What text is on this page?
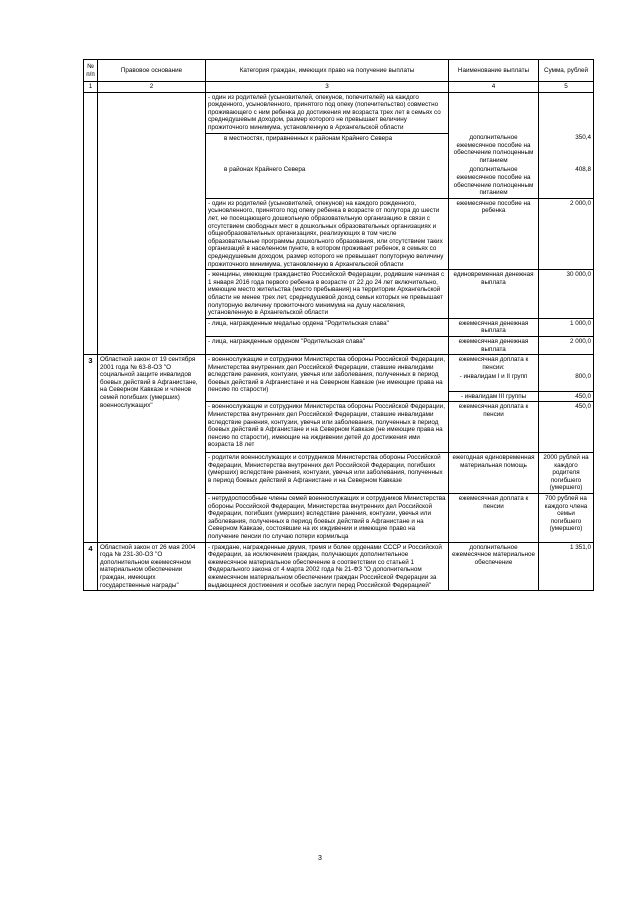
№ п/п	Правовое основание	Категория граждан, имеющих право на получение выплаты	Наименование выплаты	Сумма, рублей
1	2	3	4	5
		- один из родителей (усыновителей, опекунов, попечителей) на каждого рожденного, усыновленного, принятого под опеку (попечительство) совместно проживающего с ним ребенка до достижения им возраста трех лет в семьях со среднедушевым доходом, размер которого не превышает величину прожиточного минимума, установленную в Архангельской области		
		в местностях, приравненных к районам Крайнего Севера	дополнительное ежемесячное пособие на обеспечение полноценным питанием	350,4
		в районах Крайнего Севера	дополнительное ежемесячное пособие на обеспечение полноценным питанием	408,8
		- один из родителей (усыновителей, опекунов) на каждого рожденного, усыновленного, принятого под опеку ребенка в возрасте от полутора до шести лет, не посещающего дошкольную образовательную организацию в связи с отсутствием свободных мест в дошкольных образовательных организациях и общеобразовательных организациях, реализующих в том числе образовательные программы дошкольного образования, или отсутствием таких организаций в населенном пункте, в котором проживает ребенок, в семьях со среднедушевым доходом, размер которого не превышает полуторную величину прожиточного минимума, установленную в Архангельской области	ежемесячное пособие на ребенка	2 000,0
		- женщины, имеющие гражданство Российской Федерации, родившие начиная с 1 января 2016 года первого ребенка в возрасте от 22 до 24 лет включительно, имеющие место жительства (место пребывания) на территории Архангельской области не менее трех лет, среднедушевой доход семьи которых не превышает полуторную величину прожиточного минимума на душу населения, установленную в Архангельской области	единовременная денежная выплата	30 000,0
		- лица, награжденные медалью ордена "Родительская слава"	ежемесячная денежная выплата	1 000,0
		- лица, награжденные орденом "Родительская слава"	ежемесячная денежная выплата	2 000,0
3	Областной закон от 19 сентября 2001 года № 63-8-ОЗ "О социальной защите инвалидов боевых действий в Афганистане, на Северном Кавказе и членов семей погибших (умерших) военнослужащих"	- военнослужащие и сотрудники Министерства обороны Российской Федерации, Министерства внутренних дел Российской Федерации, ставшие инвалидами вследствие ранения, контузии, увечья или заболевания, полученных в период боевых действий в Афганистане и на Северном Кавказе (не имеющие права на пенсию по старости)	ежемесячная доплата к пенсии:	
			- инвалидам I и II групп	800,0
			- инвалидам III группы	450,0
		- военнослужащие и сотрудники Министерства обороны Российской Федерации, Министерства внутренних дел Российской Федерации, ставшие инвалидами вследствие ранения, контузии, увечья или заболевания, полученных в период боевых действий в Афганистане и на Северном Кавказе (не имеющие права на пенсию по старости), имеющие на иждивении детей до достижения ими возраста 18 лет	ежемесячная доплата к пенсии	450,0
		- родители военнослужащих и сотрудников Министерства обороны Российской Федерации, Министерства внутренних дел Российской Федерации, погибших (умерших) вследствие ранения, контузии, увечья или заболевания, полученных в период боевых действий в Афганистане и на Северном Кавказе	ежегодная единовременная материальная помощь	2000 рублей на каждого родителя погибшего (умершего)
		- нетрудоспособные члены семей военнослужащих и сотрудников Министерства обороны Российской Федерации, Министерства внутренних дел Российской Федерации, погибших (умерших) вследствие ранения, контузии, увечья или заболевания, полученных в период боевых действий в Афганистане и на Северном Кавказе, состоявшие на их иждивении и имеющие право на получение пенсии по случаю потери кормильца	ежемесячная доплата к пенсии	700 рублей на каждого члена семьи погибшего (умершего)
4	Областной закон от 26 мая 2004 года № 231-30-ОЗ "О дополнительном ежемесячном материальном обеспечении граждан, имеющих государственные награды"	- граждане, награжденные двумя, тремя и более орденами СССР и Российской Федерации, за исключением граждан, получающих дополнительное ежемесячное материальное обеспечение в соответствии со статьей 1 Федерального закона от 4 марта 2002 года № 21-ФЗ "О дополнительном ежемесячном материальном обеспечении граждан Российской Федерации за выдающиеся достижения и особые заслуги перед Российской Федерацией"	дополнительное ежемесячное материальное обеспечение	1 351,0
3
